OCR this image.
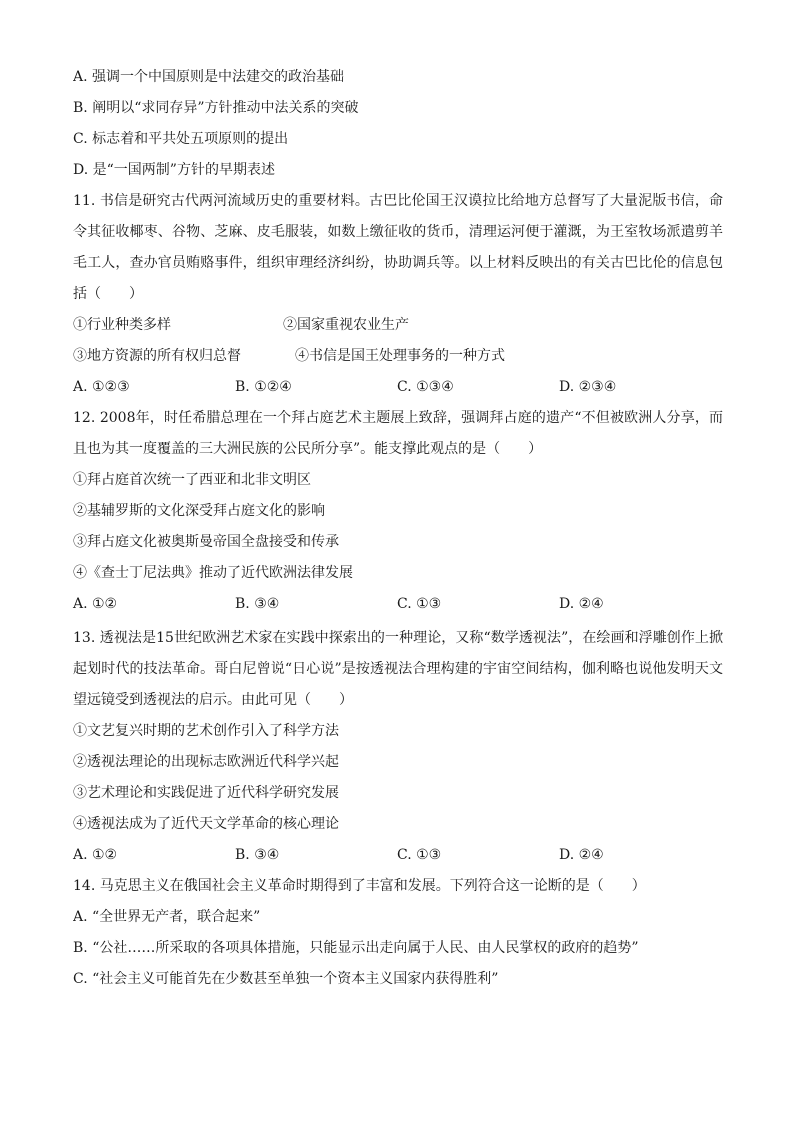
A. 强调一个中国原则是中法建交的政治基础
B. 阐明以“求同存异”方针推动中法关系的突破
C. 标志着和平共处五项原则的提出
D. 是“一国两制”方针的早期表述
11. 书信是研究古代两河流域历史的重要材料。古巴比伦国王汉谟拉比给地方总督写了大量泥版书信，命令其征收椰枣、谷物、芝麻、皮毛服装，如数上缴征收的货币，清理运河便于灌溉，为王室牧场派遣剪羊毛工人，查办官员贿赂事件，组织审理经济纠纷，协助调兵等。以上材料反映出的有关古巴比伦的信息包括（　　）
①行业种类多样	②国家重视农业生产
③地方资源的所有权归总督	④书信是国王处理事务的一种方式
A. ①②③	B. ①②④	C. ①③④	D. ②③④
12. 2008年，时任希腊总理在一个拜占庭艺术主题展上致辞，强调拜占庭的遗产“不但被欧洲人分享，而且也为其一度覆盖的三大洲民族的公民所分享”。能支撑此观点的是（　　）
①拜占庭首次统一了西亚和北非文明区
②基辅罗斯的文化深受拜占庭文化的影响
③拜占庭文化被奥斯曼帝国全盘接受和传承
④《查士丁尼法典》推动了近代欧洲法律发展
A. ①②	B. ③④	C. ①③	D. ②④
13. 透视法是15世纪欧洲艺术家在实践中探索出的一种理论，又称“数学透视法”，在绘画和浮雕创作上掀起划时代的技法革命。哥白尼曾说“日心说”是按透视法合理构建的宇宙空间结构，伽利略也说他发明天文望远镜受到透视法的启示。由此可见（　　）
①文艺复兴时期的艺术创作引入了科学方法
②透视法理论的出现标志欧洲近代科学兴起
③艺术理论和实践促进了近代科学研究发展
④透视法成为了近代天文学革命的核心理论
A. ①②	B. ③④	C. ①③	D. ②④
14. 马克思主义在俄国社会主义革命时期得到了丰富和发展。下列符合这一论断的是（　　）
A. “全世界无产者，联合起来”
B. “公社……所采取的各项具体措施，只能显示出走向属于人民、由人民掌权的政府的趋势”
C. “社会主义可能首先在少数甚至单独一个资本主义国家内获得胜利”
